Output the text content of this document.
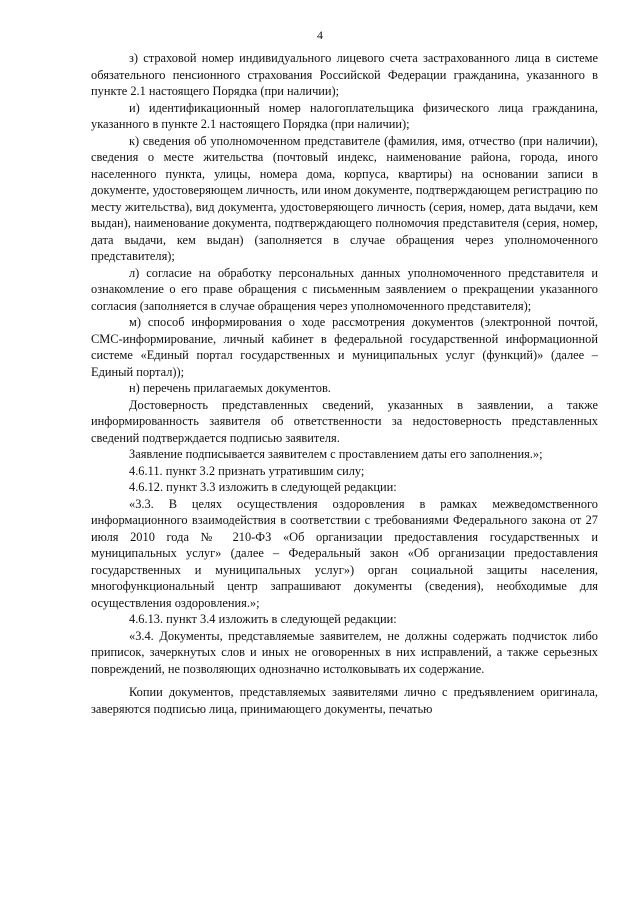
4

з) страховой номер индивидуального лицевого счета застрахованного лица в системе обязательного пенсионного страхования Российской Федерации гражданина, указанного в пункте 2.1 настоящего Порядка (при наличии);

и) идентификационный номер налогоплательщика физического лица гражданина, указанного в пункте 2.1 настоящего Порядка (при наличии);

к) сведения об уполномоченном представителе (фамилия, имя, отчество (при наличии), сведения о месте жительства (почтовый индекс, наименование района, города, иного населенного пункта, улицы, номера дома, корпуса, квартиры) на основании записи в документе, удостоверяющем личность, или ином документе, подтверждающем регистрацию по месту жительства), вид документа, удостоверяющего личность (серия, номер, дата выдачи, кем выдан), наименование документа, подтверждающего полномочия представителя (серия, номер, дата выдачи, кем выдан) (заполняется в случае обращения через уполномоченного представителя);

л) согласие на обработку персональных данных уполномоченного представителя и ознакомление о его праве обращения с письменным заявлением о прекращении указанного согласия (заполняется в случае обращения через уполномоченного представителя);

м) способ информирования о ходе рассмотрения документов (электронной почтой, СМС-информирование, личный кабинет в федеральной государственной информационной системе «Единый портал государственных и муниципальных услуг (функций)» (далее – Единый портал));

н) перечень прилагаемых документов.

Достоверность представленных сведений, указанных в заявлении, а также информированность заявителя об ответственности за недостоверность представленных сведений подтверждается подписью заявителя.

Заявление подписывается заявителем с проставлением даты его заполнения.»;

4.6.11. пункт 3.2 признать утратившим силу;

4.6.12. пункт 3.3 изложить в следующей редакции:

«3.3. В целях осуществления оздоровления в рамках межведомственного информационного взаимодействия в соответствии с требованиями Федерального закона от 27 июля 2010 года № 210-ФЗ «Об организации предоставления государственных и муниципальных услуг» (далее – Федеральный закон «Об организации предоставления государственных и муниципальных услуг») орган социальной защиты населения, многофункциональный центр запрашивают документы (сведения), необходимые для осуществления оздоровления.»;

4.6.13. пункт 3.4 изложить в следующей редакции:

«3.4. Документы, представляемые заявителем, не должны содержать подчисток либо приписок, зачеркнутых слов и иных не оговоренных в них исправлений, а также серьезных повреждений, не позволяющих однозначно истолковывать их содержание.

Копии документов, представляемых заявителями лично с предъявлением оригинала, заверяются подписью лица, принимающего документы, печатью
